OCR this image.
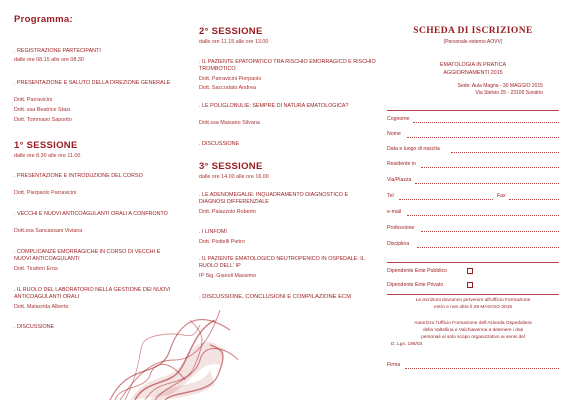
Programma:
. REGISTRAZIONE PARTECIPANTI
dalle ore 08.15 alle ore 08.30
. PRESENTAZIONE E SALUTO DELLA DIREZIONE GENERALE
Dott. Parravicini
Dott. ssa Beatrice Stasi
Dott. Tommaso Saporito
1° SESSIONE
dalle ore 8.30 alle ore 11.00
. PRESENTAZIONE E INTRODUZIONE DEL CORSO
Dott. Pierpaolo Parravicini
. VECCHI E NUOVI ANTICOAGULANTI ORALI A CONFRONTO
Dott.ssa Sancassani Viviana
. COMPLICANZE EMORRAGICHE IN CORSO DI VECCHI E NUOVI ANTICOAGULANTI
Dott. Tiraferri Eros
. IL RUOLO DEL LABORATORIO NELLA GESTIONE DEI NUOVI ANTICOAGULANTI ORALI
Dott. Malacrida Alberto
. DISCUSSIONE
2° SESSIONE
dalle ore 11.15 alle ore 13.00
. IL PAZIENTE EPATOPATICO TRA RISCHIO EMORRAGICO E RISCHIO TROMBOTICO
Dott. Parravicini Pierpaolo
Dott. Saccodato Andrea
. LE POLIGLOBULIE: SEMPRE DI NATURA EMATOLOGICA?
Dott.ssa Maisano Silvana
. DISCUSSIONE
3° SESSIONE
dalle ore 14.00 alle ore 16.00
. LE ADENOMEGALIE: INQUADRAMENTO DIAGNOSTICO E DIAGNOSI DIFFERENZIALE
Dott. Palazzolo Roberto
. I LINFOMI
Dott. Piottelli Pietro
. IL PAZIENTE EMATOLOGICO NEUTROPENICO IN OSPEDALE: IL RUOLO DELL' IP
IP Sig. Gianoli Massimo
. DISCUSSIONE, CONCLUSIONI E COMPILAZIONE ECM
SCHEDA DI ISCRIZIONE
(Personale esterno AOVV)
EMATOLOGIA IN PRATICA
AGGIORNAMENTI 2015
Sede: Aula Magna - 30 MAGGIO 2015
Via Stelvio 25 - 23100 Sondrio
Cognome
Nome
Data e luogo di nascita
Residente in
Via/Piazza
Tel	Fax
e-mail
Professione
Disciplina
Dipendente Ente Pubblico
Dipendente Ente Privato
Le iscrizioni dovranno pervenire all'Ufficio Formazione
entro e non oltre il 25 MAGGIO 2015
Autorizzo l'Ufficio Formazione dell'Azienda Ospedaliera
della Valtellina e Valchiavenna a detenere i dati
personali al solo scopo organizzativo ai sensi del
D. Lgs. 196/03
Firma
